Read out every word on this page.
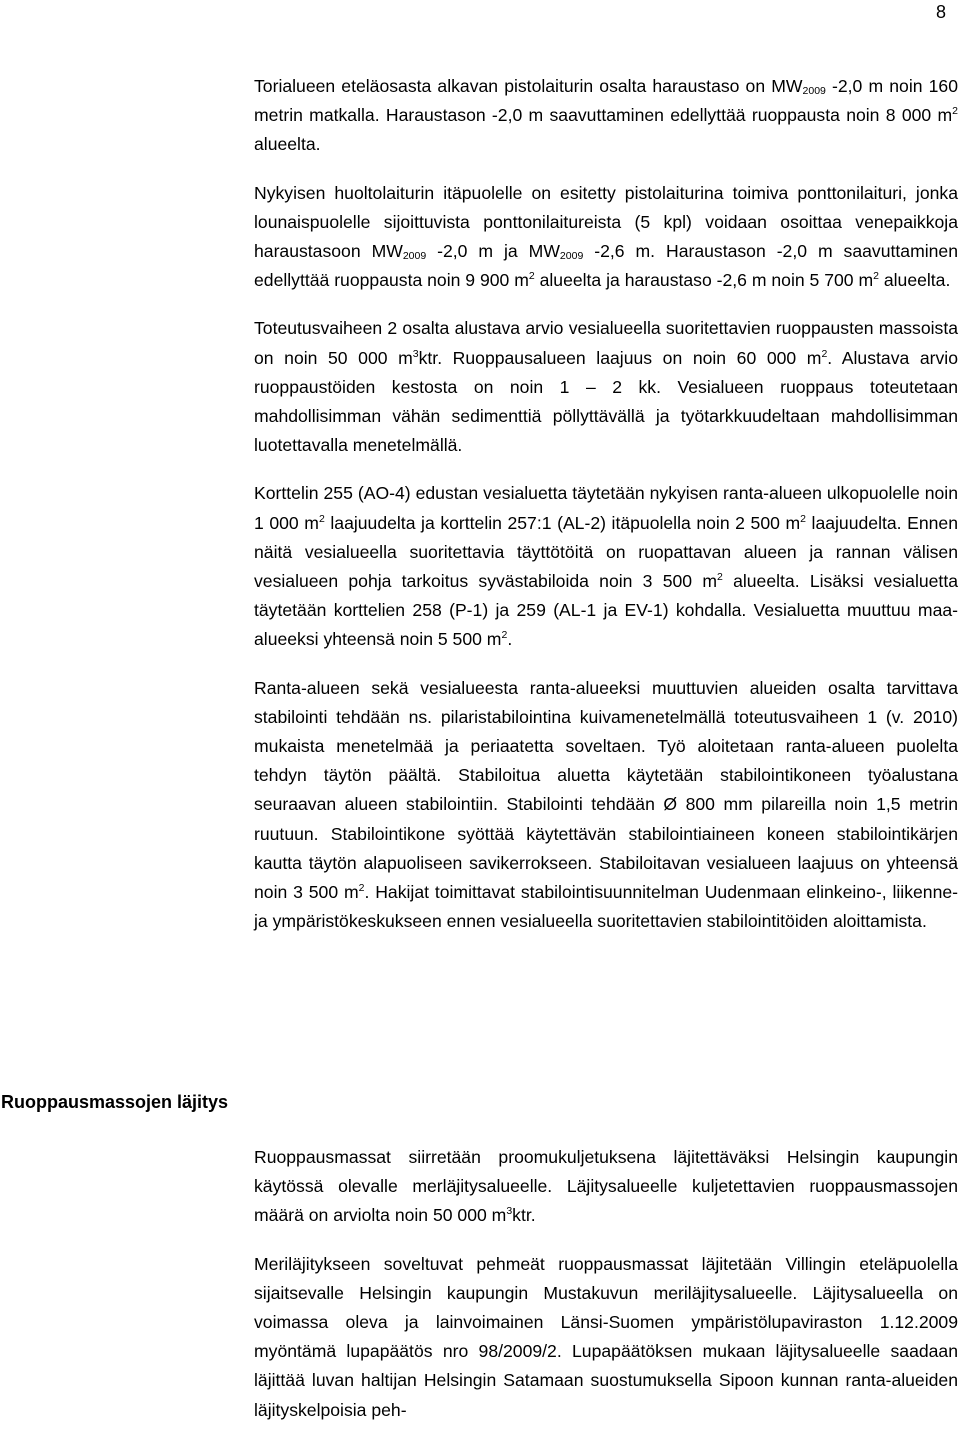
8

Torialueen eteläosasta alkavan pistolaiturin osalta haraustaso on $MW_{2009}$ -2,0 m noin 160 metrin matkalla. Haraustason -2,0 m saavuttaminen edellyttää ruoppausta noin 8 000 $m^2$ alueelta.

Nykyisen huoltolaiturin itäpuolelle on esitetty pistolaiturina toimiva ponttonilaituri, jonka lounaispuolelle sijoittuvista ponttonilaitureista (5 kpl) voidaan osoittaa venepaikkoja haraustasoon $MW_{2009}$ -2,0 m ja $MW_{2009}$ -2,6 m. Haraustason -2,0 m saavuttaminen edellyttää ruoppausta noin 9 900 $m^2$ alueelta ja haraustaso -2,6 m noin 5 700 $m^2$ alueelta.

Toteutusvaiheen 2 osalta alustava arvio vesialueella suoritettavien ruoppausten massoista on noin 50 000 $m^3ktr$. Ruoppausalueen laajuus on noin 60 000 $m^2$. Alustava arvio ruoppaustöiden kestosta on noin 1 – 2 kk. Vesialueen ruoppaus toteutetaan mahdollisimman vähän sedimenttiä pöllyttävällä ja työtarkkuudeltaan mahdollisimman luotettavalla menetelmällä.

Korttelin 255 (AO-4) edustan vesialuetta täytetään nykyisen ranta-alueen ulkopuolelle noin 1 000 $m^2$ laajuudelta ja korttelin 257:1 (AL-2) itäpuolella noin 2 500 $m^2$ laajuudelta. Ennen näitä vesialueella suoritettavia täyttötöitä on ruopattavan alueen ja rannan välisen vesialueen pohja tarkoitus syvästabiloida noin 3 500 $m^2$ alueelta. Lisäksi vesialuetta täytetään korttelien 258 (P-1) ja 259 (AL-1 ja EV-1) kohdalla. Vesialuetta muuttuu maa-alueeksi yhteensä noin 5 500 $m^2$.

Ranta-alueen sekä vesialueesta ranta-alueeksi muuttuvien alueiden osalta tarvittava stabilointi tehdään ns. pilaristabilointina kuivamenetelmällä toteutusvaiheen 1 (v. 2010) mukaista menetelmää ja periaatetta soveltaen. Työ aloitetaan ranta-alueen puolelta tehdyn täytön päältä. Stabiloitua aluetta käytetään stabilointikoneen työalustana seuraavan alueen stabilointiin. Stabilointi tehdään Ø 800 mm pilareilla noin 1,5 metrin ruutuun. Stabilointikone syöttää käytettävän stabilointiaineen koneen stabilointikärjen kautta täytön alapuoliseen savikerrokseen. Stabiloitavan vesialueen laajuus on yhteensä noin 3 500 $m^2$. Hakijat toimittavat stabilointisuunnitelman Uudenmaan elinkeino-, liikenne- ja ympäristökeskukseen ennen vesialueella suoritettavien stabilointitöiden aloittamista.

Ruoppausmassojen läjitys

Ruoppausmassat siirretään proomukuljetuksena läjitettäväksi Helsingin kaupungin käytössä olevalle merläjitysalueelle. Läjitysalueelle kuljetettavien ruoppausmassojen määrä on arviolta noin 50 000 $m^3ktr$.

Meriläjitykseen soveltuvat pehmeät ruoppausmassat läjitetään Villingin eteläpuolella sijaitsevalle Helsingin kaupungin Mustakuvun meriläjitysalueelle. Läjitysalueella on voimassa oleva ja lainvoimainen Länsi-Suomen ympäristölupaviraston 1.12.2009 myöntämä lupapäätös nro 98/2009/2. Lupapäätöksen mukaan läjitysalueelle saadaan läjittää luvan haltijan Helsingin Satamaan suostumuksella Sipoon kunnan ranta-alueiden läjityskelpoisia peh-
